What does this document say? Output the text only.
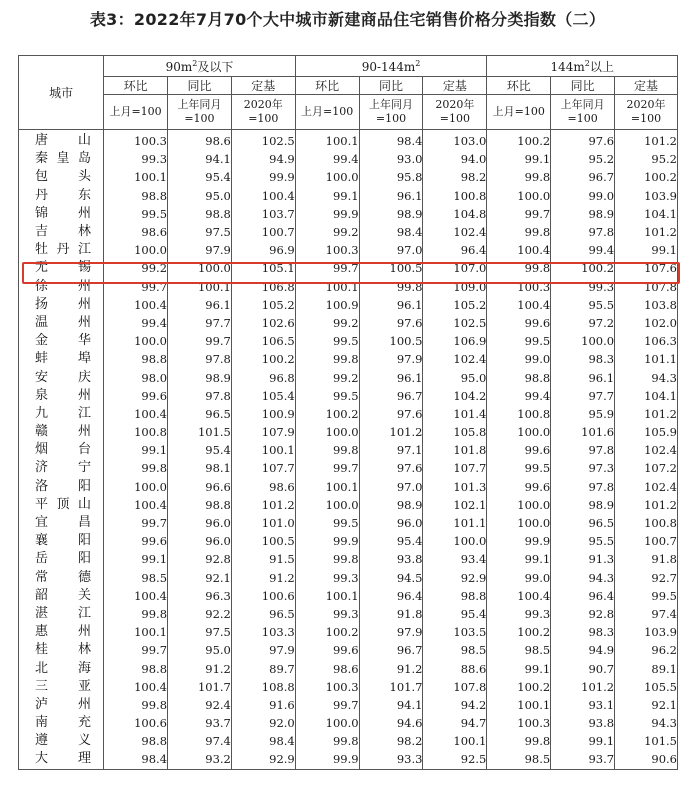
表3：2022年7月70个大中城市新建商品住宅销售价格分类指数（二）
城市	$90m^2$及以下			$90-144m^2$			$144m^2$以上		
	环比	同比	定基	环比	同比	定基	环比	同比	定基
	上月=100	上年同月=100	2020年=100	上月=100	上年同月=100	2020年=100	上月=100	上年同月=100	2020年=100
唐山	100.3	98.6	102.5	100.1	98.4	103.0	100.2	97.6	101.2
秦皇岛	99.3	94.1	94.9	99.4	93.0	94.0	99.1	95.2	95.2
包头	100.1	95.4	99.9	100.0	95.8	98.2	99.8	96.7	100.2
丹东	98.8	95.0	100.4	99.1	96.1	100.8	100.0	99.0	103.9
锦州	99.5	98.8	103.7	99.9	98.9	104.8	99.7	98.9	104.1
吉林	98.6	97.5	100.7	99.2	98.4	102.4	99.8	97.8	101.2
牡丹江	100.0	97.9	96.9	100.3	97.0	96.4	100.4	99.4	99.1
无锡	99.2	100.0	105.1	99.7	100.5	107.0	99.8	100.2	107.6
徐州	99.7	100.1	106.8	100.1	99.8	109.0	100.3	99.3	107.8
扬州	100.4	96.1	105.2	100.9	96.1	105.2	100.4	95.5	103.8
温州	99.4	97.7	102.6	99.2	97.6	102.5	99.6	97.2	102.0
金华	100.0	99.7	106.5	99.5	100.5	106.9	99.5	100.0	106.3
蚌埠	98.8	97.8	100.2	99.8	97.9	102.4	99.0	98.3	101.1
安庆	98.0	98.9	96.8	99.2	96.1	95.0	98.8	96.1	94.3
泉州	99.6	97.8	105.4	99.5	96.7	104.2	99.4	97.7	104.1
九江	100.4	96.5	100.9	100.2	97.6	101.4	100.8	95.9	101.2
赣州	100.8	101.5	107.9	100.0	101.2	105.8	100.0	101.6	105.9
烟台	99.1	95.4	100.1	99.8	97.1	101.8	99.6	97.8	102.4
济宁	99.8	98.1	107.7	99.7	97.6	107.7	99.5	97.3	107.2
洛阳	100.0	96.6	98.6	100.1	97.0	101.3	99.6	97.8	102.4
平顶山	100.4	98.8	101.2	100.0	98.9	102.1	100.0	98.9	101.2
宜昌	99.7	96.0	101.0	99.5	96.0	101.1	100.0	96.5	100.8
襄阳	99.6	96.0	100.5	99.9	95.4	100.0	99.9	95.5	100.7
岳阳	99.1	92.8	91.5	99.8	93.8	93.4	99.1	91.3	91.8
常德	98.5	92.1	91.2	99.3	94.5	92.9	99.0	94.3	92.7
韶关	100.4	96.3	100.6	100.1	96.4	98.8	100.4	96.4	99.5
湛江	99.8	92.2	96.5	99.3	91.8	95.4	99.3	92.8	97.4
惠州	100.1	97.5	103.3	100.2	97.9	103.5	100.2	98.3	103.9
桂林	99.7	95.0	97.9	99.6	96.7	98.5	98.5	94.9	96.2
北海	98.8	91.2	89.7	98.6	91.2	88.6	99.1	90.7	89.1
三亚	100.4	101.7	108.8	100.3	101.7	107.8	100.2	101.2	105.5
泸州	99.8	92.4	91.6	99.7	94.1	94.2	100.1	93.1	92.1
南充	100.6	93.7	92.0	100.0	94.6	94.7	100.3	93.8	94.3
遵义	98.8	97.4	98.4	99.8	98.2	100.1	99.8	99.1	101.5
大理	98.4	93.2	92.9	99.9	93.3	92.5	98.5	93.7	90.6
